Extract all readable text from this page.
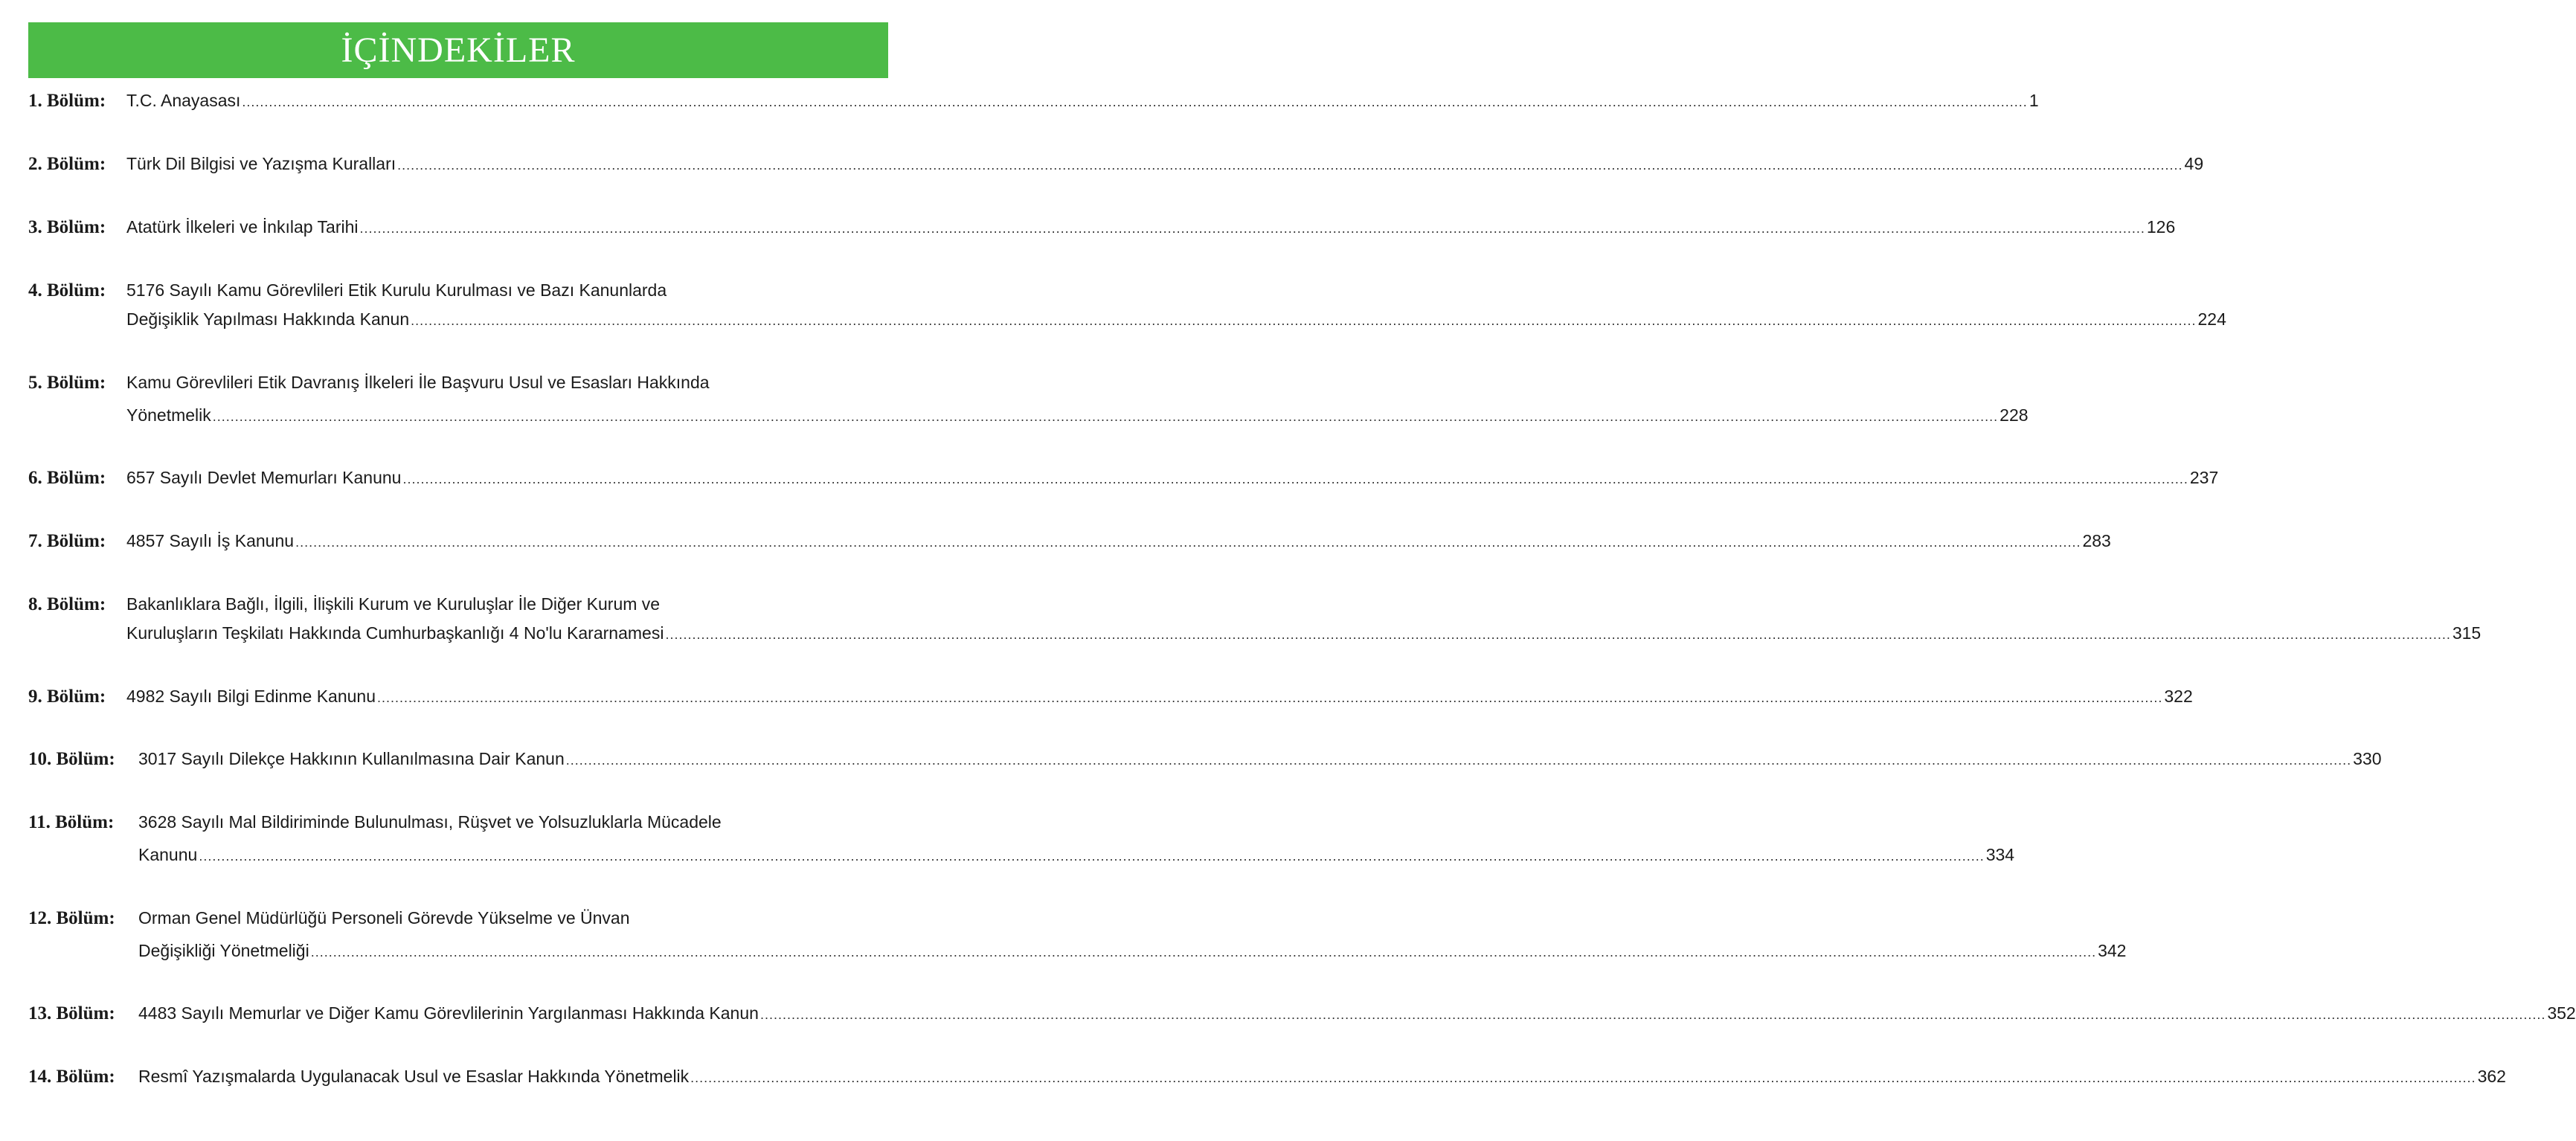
İÇİNDEKİLER
1. Bölüm:	T.C. Anayasası ................................................................................................................................................................................................................................................................................................................................................................................................................ 1
2. Bölüm:	Türk Dil Bilgisi ve Yazışma Kuralları ................................................................................................................................................................................................................................................................................................................................................................................................................ 49
3. Bölüm:	Atatürk İlkeleri ve İnkılap Tarihi ................................................................................................................................................................................................................................................................................................................................................................................................................ 126
4. Bölüm:	5176 Sayılı Kamu Görevlileri Etik Kurulu Kurulması ve Bazı Kanunlarda
Değişiklik Yapılması Hakkında Kanun ................................................................................................................................................................................................................................................................................................................................................................................................................ 224
5. Bölüm:	Kamu Görevlileri Etik Davranış İlkeleri İle Başvuru Usul ve Esasları Hakkında
Yönetmelik ................................................................................................................................................................................................................................................................................................................................................................................................................ 228
6. Bölüm:	657 Sayılı Devlet Memurları Kanunu ................................................................................................................................................................................................................................................................................................................................................................................................................ 237
7. Bölüm:	4857 Sayılı İş Kanunu ................................................................................................................................................................................................................................................................................................................................................................................................................ 283
8. Bölüm:	Bakanlıklara Bağlı, İlgili, İlişkili Kurum ve Kuruluşlar İle Diğer Kurum ve
Kuruluşların Teşkilatı Hakkında Cumhurbaşkanlığı 4 No'lu Kararnamesi ................................................................................................................................................................................................................................................................................................................................................................................................................ 315
9. Bölüm:	4982 Sayılı Bilgi Edinme Kanunu ................................................................................................................................................................................................................................................................................................................................................................................................................ 322
10. Bölüm:	3017 Sayılı Dilekçe Hakkının Kullanılmasına Dair Kanun ................................................................................................................................................................................................................................................................................................................................................................................................................ 330
11. Bölüm:	3628 Sayılı Mal Bildiriminde Bulunulması, Rüşvet ve Yolsuzluklarla Mücadele
Kanunu ................................................................................................................................................................................................................................................................................................................................................................................................................ 334
12. Bölüm:	Orman Genel Müdürlüğü Personeli Görevde Yükselme ve Ünvan
Değişikliği Yönetmeliği ................................................................................................................................................................................................................................................................................................................................................................................................................ 342
13. Bölüm:	4483 Sayılı Memurlar ve Diğer Kamu Görevlilerinin Yargılanması Hakkında Kanun ................................................................................................................................................................................................................................................................................................................................................................................................................ 352
14. Bölüm:	Resmî Yazışmalarda Uygulanacak Usul ve Esaslar Hakkında Yönetmelik ................................................................................................................................................................................................................................................................................................................................................................................................................ 362
